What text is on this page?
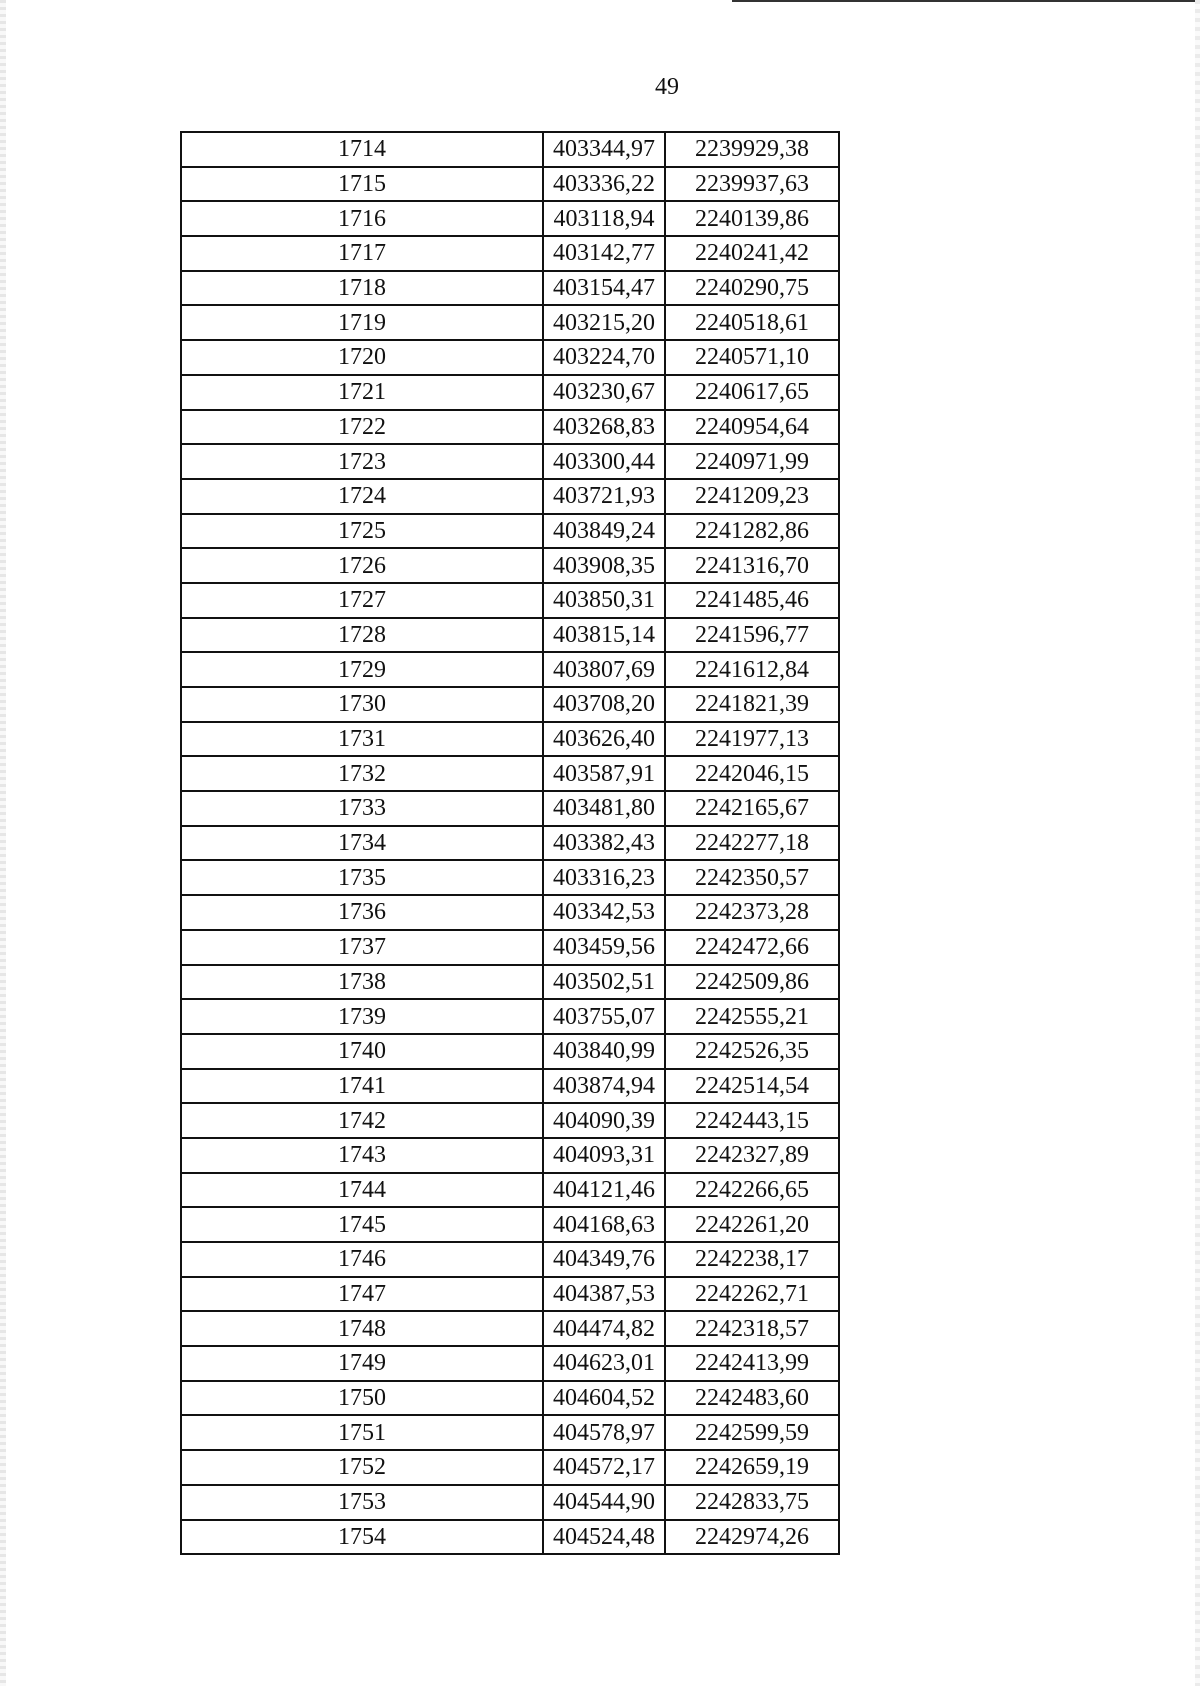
49
1714	403344,97	2239929,38
1715	403336,22	2239937,63
1716	403118,94	2240139,86
1717	403142,77	2240241,42
1718	403154,47	2240290,75
1719	403215,20	2240518,61
1720	403224,70	2240571,10
1721	403230,67	2240617,65
1722	403268,83	2240954,64
1723	403300,44	2240971,99
1724	403721,93	2241209,23
1725	403849,24	2241282,86
1726	403908,35	2241316,70
1727	403850,31	2241485,46
1728	403815,14	2241596,77
1729	403807,69	2241612,84
1730	403708,20	2241821,39
1731	403626,40	2241977,13
1732	403587,91	2242046,15
1733	403481,80	2242165,67
1734	403382,43	2242277,18
1735	403316,23	2242350,57
1736	403342,53	2242373,28
1737	403459,56	2242472,66
1738	403502,51	2242509,86
1739	403755,07	2242555,21
1740	403840,99	2242526,35
1741	403874,94	2242514,54
1742	404090,39	2242443,15
1743	404093,31	2242327,89
1744	404121,46	2242266,65
1745	404168,63	2242261,20
1746	404349,76	2242238,17
1747	404387,53	2242262,71
1748	404474,82	2242318,57
1749	404623,01	2242413,99
1750	404604,52	2242483,60
1751	404578,97	2242599,59
1752	404572,17	2242659,19
1753	404544,90	2242833,75
1754	404524,48	2242974,26
